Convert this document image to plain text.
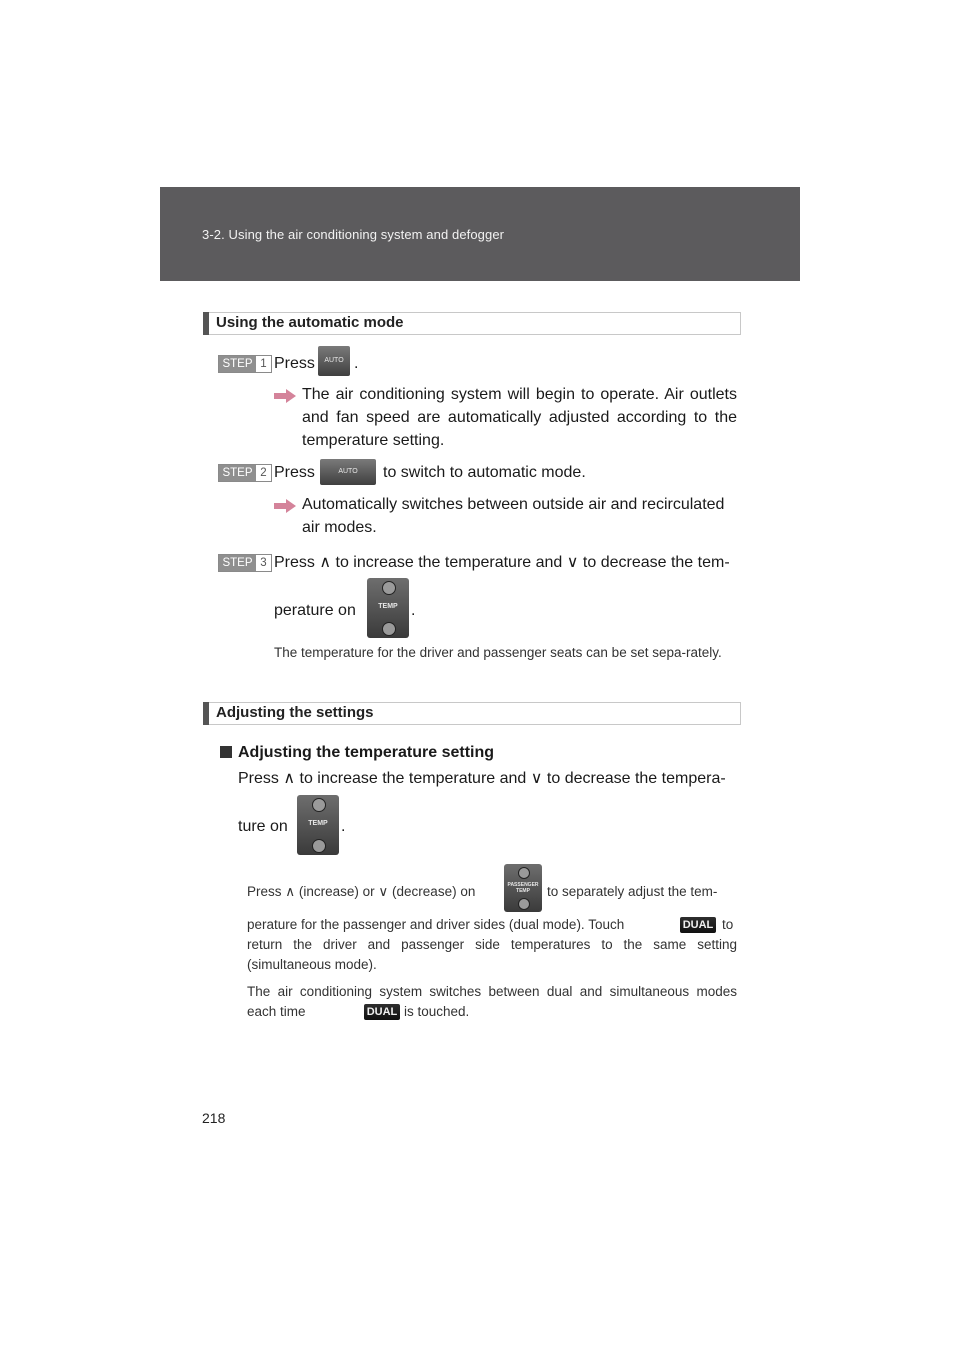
3-2. Using the air conditioning system and defogger
Using the automatic mode
STEP 1 Press	AUTO .
The air conditioning system will begin to operate. Air outlets and fan speed are automatically adjusted according to the temperature setting.
STEP 2 Press	AUTO	to switch to automatic mode.
Automatically switches between outside air and recirculated air modes.
STEP 3 Press ∧ to increase the temperature and ∨ to decrease the tem-
perature on	TEMP .
The temperature for the driver and passenger seats can be set sepa-rately.
Adjusting the settings
Adjusting the temperature setting
Press ∧ to increase the temperature and ∨ to decrease the tempera-
ture on	TEMP .
Press ∧ (increase) or ∨ (decrease) on	PASSENGER TEMP	to separately adjust the tem-
perature for the passenger and driver sides (dual mode). Touch	DUAL to
return the driver and passenger side temperatures to the same setting (simultaneous mode).
The air conditioning system switches between dual and simultaneous modes each time	DUAL is touched.
218
